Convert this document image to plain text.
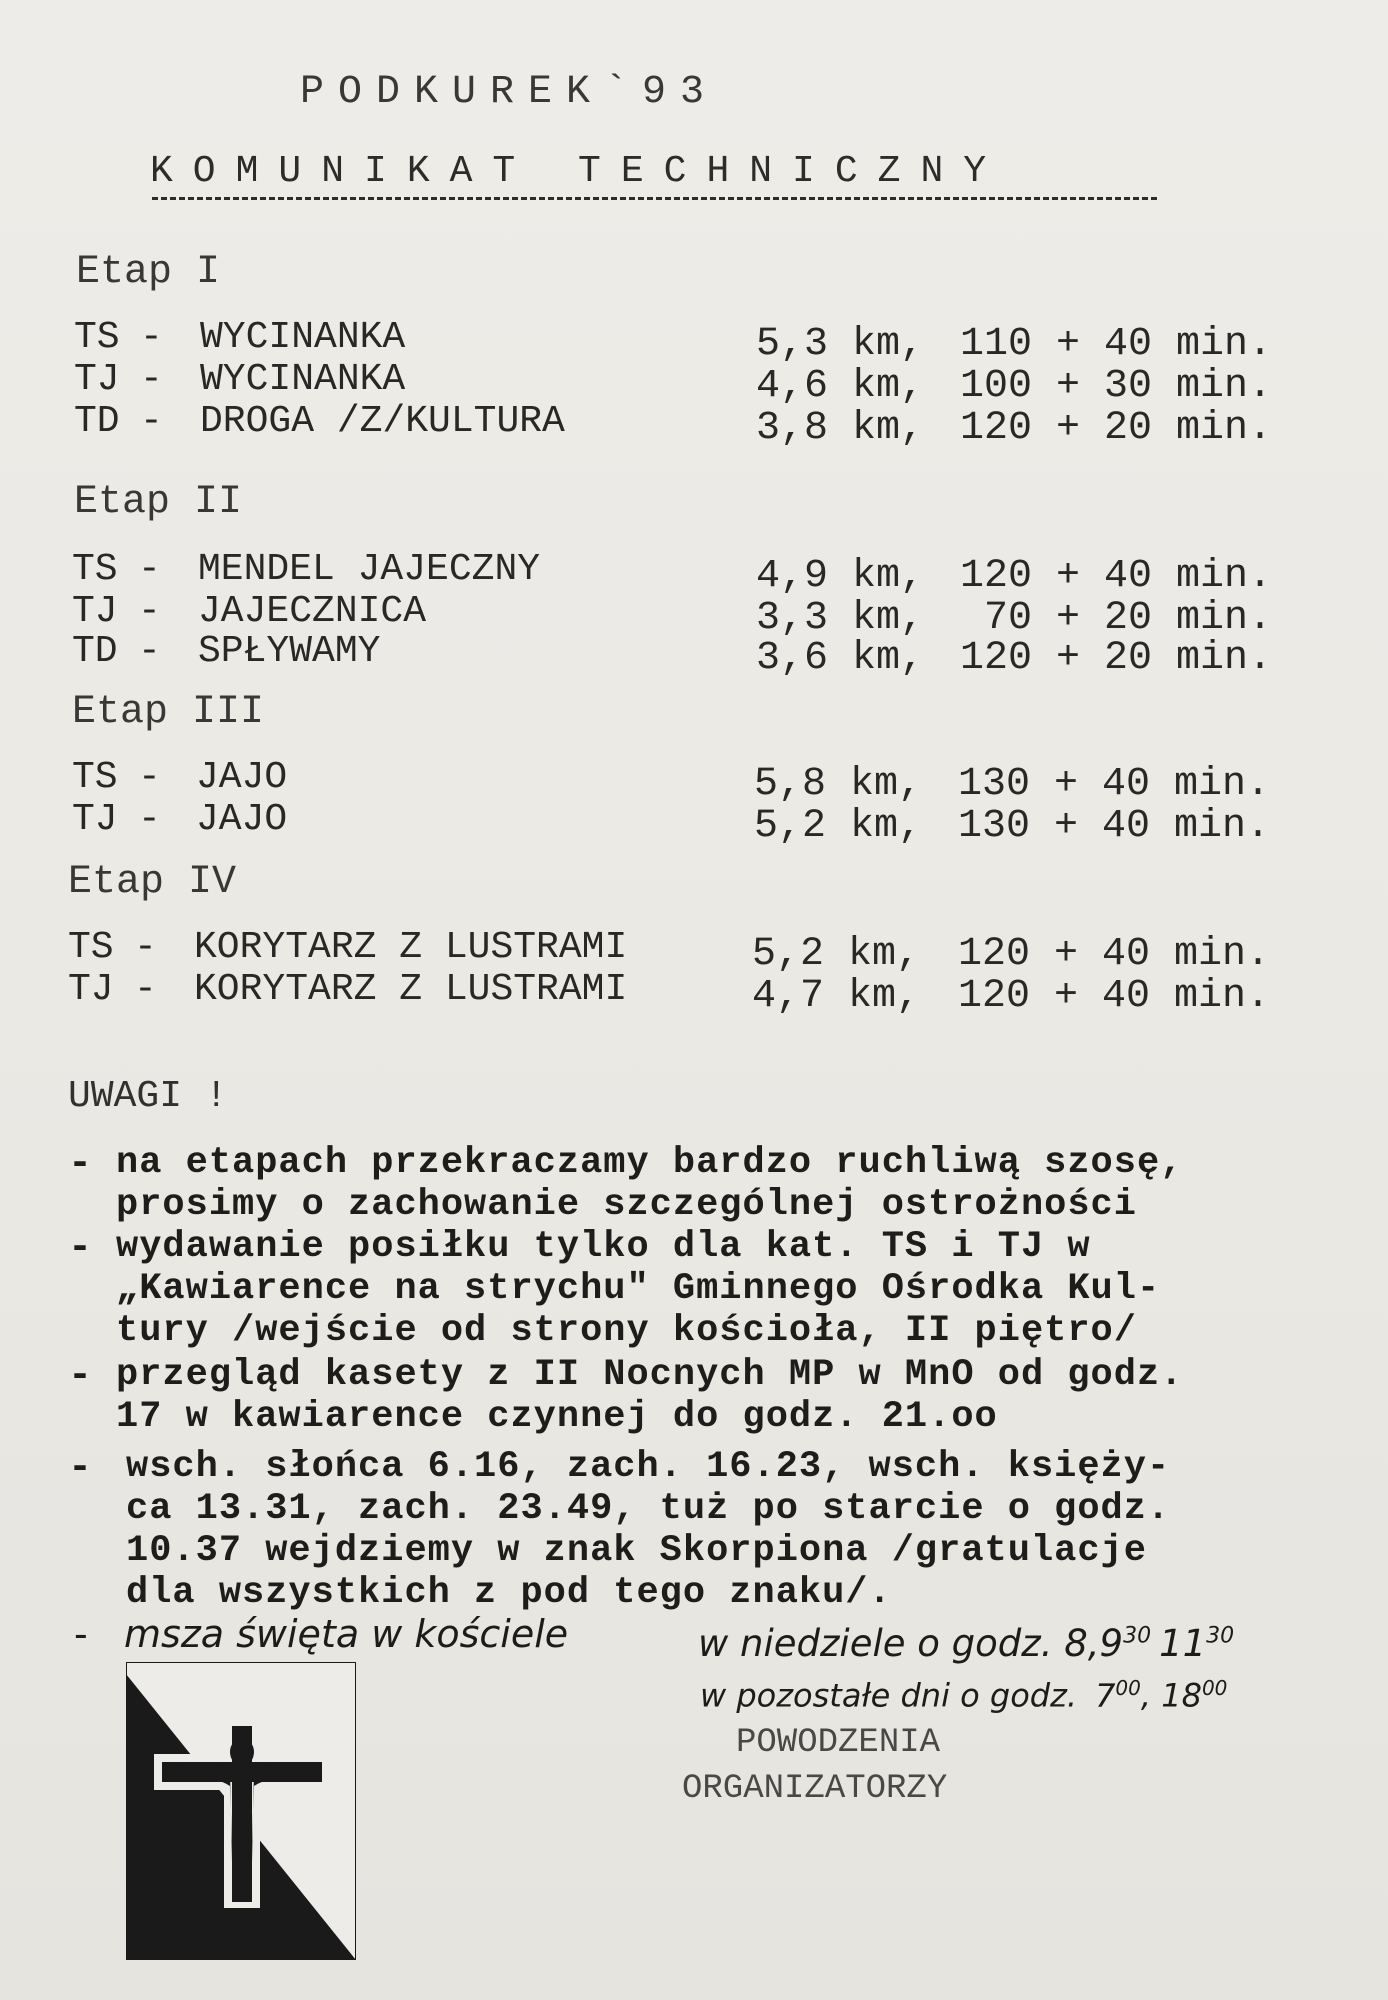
PODKUREK`93
KOMUNIKAT TECHNICZNY
Etap I
TS - WYCINANKA	5,3 km, 110 + 40 min.
TJ - WYCINANKA	4,6 km, 100 + 30 min.
TD - DROGA /Z/KULTURA	3,8 km, 120 + 20 min.
Etap II
TS - MENDEL JAJECZNY	4,9 km, 120 + 40 min.
TJ - JAJECZNICA	3,3 km, 70 + 20 min.
TD - SPŁYWAMY	3,6 km, 120 + 20 min.
Etap III
TS - JAJO	5,8 km, 130 + 40 min.
TJ - JAJO	5,2 km, 130 + 40 min.
Etap IV
TS - KORYTARZ Z LUSTRAMI	5,2 km, 120 + 40 min.
TJ - KORYTARZ Z LUSTRAMI	4,7 km, 120 + 40 min.
UWAGI !
- na etapach przekraczamy bardzo ruchliwą szosę,
prosimy o zachowanie szczególnej ostrożności
- wydawanie posiłku tylko dla kat. TS i TJ w
„Kawiarence na strychu" Gminnego Ośrodka Kul-
tury /wejście od strony kościoła, II piętro/
- przegląd kasety z II Nocnych MP w MnO od godz.
17 w kawiarence czynnej do godz. 21.oo
- wsch. słońca 6.16, zach. 16.23, wsch. księży-
ca 13.31, zach. 23.49, tuż po starcie o godz.
10.37 wejdziemy w znak Skorpiona /gratulacje
dla wszystkich z pod tego znaku/.
- msza święta w kościele	w niedziele o godz. $8,9^{30}$ $11^{30}$
w pozostałe dni o godz. $7^{00}$, $18^{00}$
POWODZENIA
ORGANIZATORZY
